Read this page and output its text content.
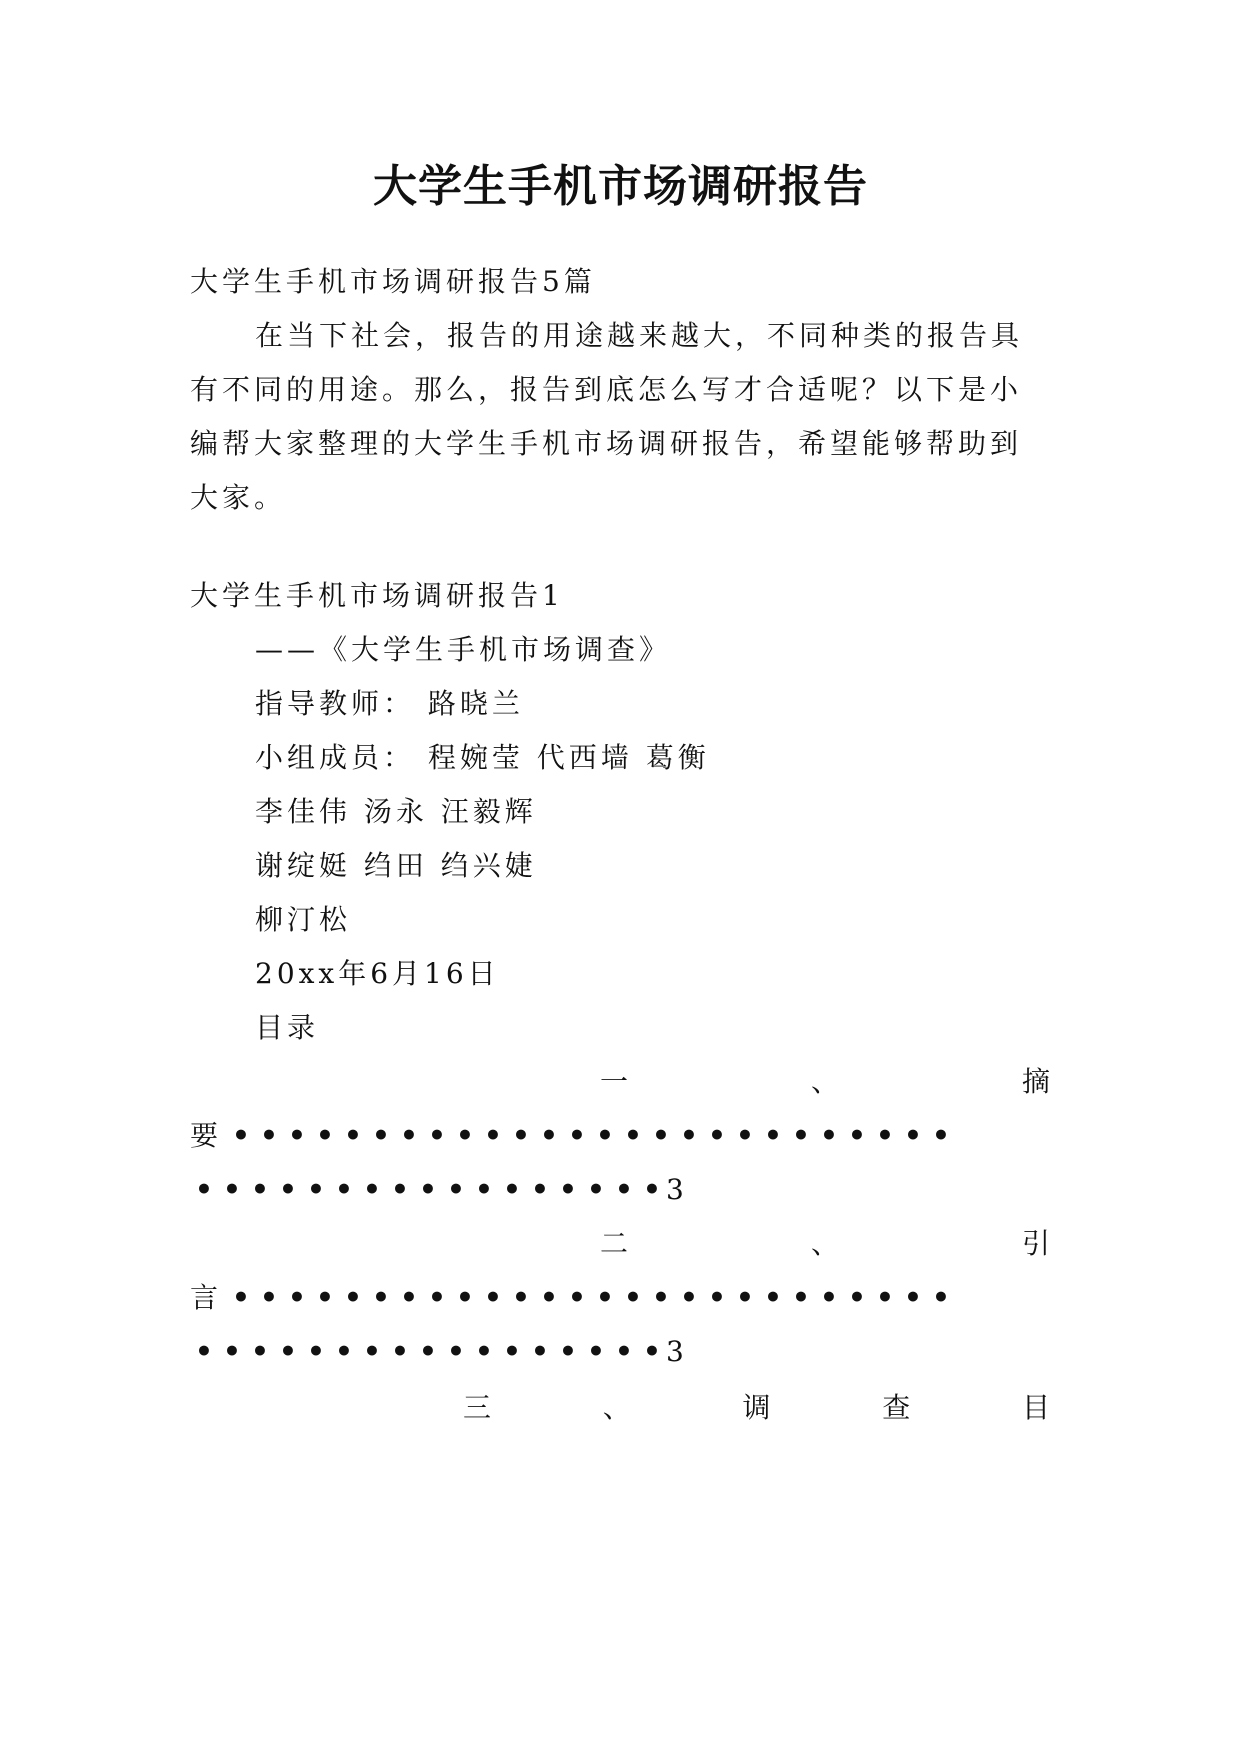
大学生手机市场调研报告
大学生手机市场调研报告5篇
在当下社会，报告的用途越来越大，不同种类的报告具
有不同的用途。那么，报告到底怎么写才合适呢？以下是小
编帮大家整理的大学生手机市场调研报告，希望能够帮助到
大家。
大学生手机市场调研报告1
——《大学生手机市场调查》
指导教师： 路晓兰
小组成员： 程婉莹 代西墙 葛衡
李佳伟 汤永 汪毅辉
谢绽娗 绉田 绉兴婕
柳汀松
20xx年6月16日
目录
一	、	摘
要 • • • • • • • • • • • • • • • • • • • • • • • • • •
• • • • • • • • • • • • • • • • • 3
二	、	引
言 • • • • • • • • • • • • • • • • • • • • • • • • • •
• • • • • • • • • • • • • • • • • 3
三	、	调	查	目
